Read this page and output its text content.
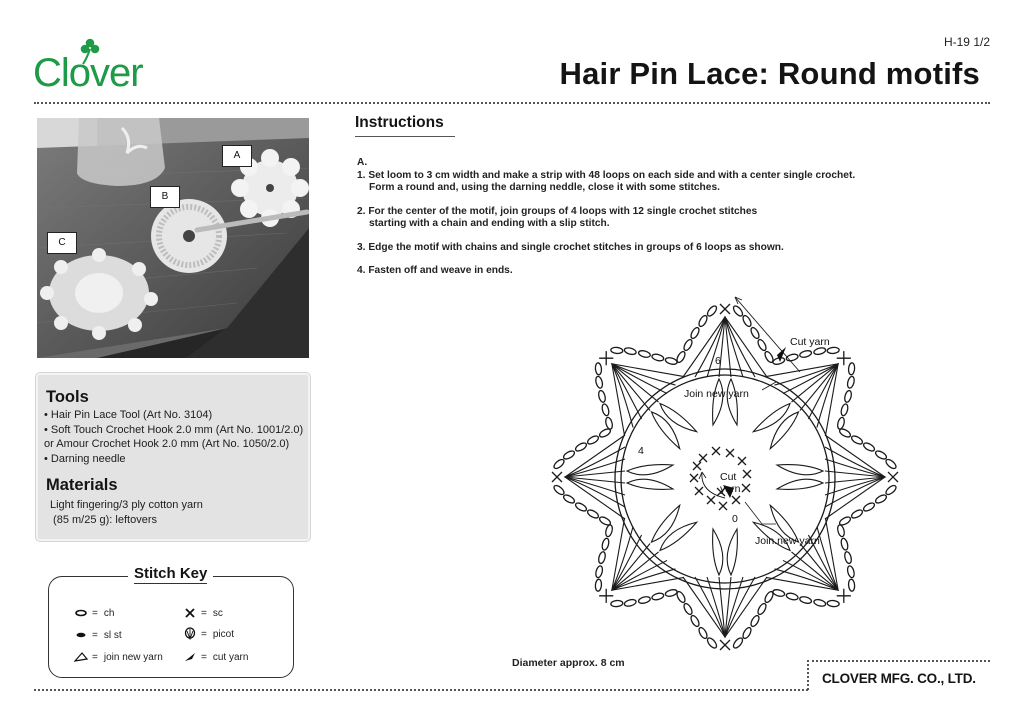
Clover
H-19 1/2
Hair Pin Lace: Round motifs
A
B
C
Tools
• Hair Pin Lace Tool (Art No. 3104)
• Soft Touch Crochet Hook 2.0 mm (Art No. 1001/2.0)
or Amour Crochet Hook 2.0 mm (Art No. 1050/2.0)
• Darning needle
Materials
Light fingering/3 ply cotton yarn
(85 m/25 g): leftovers
Stitch Key
= ch	= sc
= sl st	= picot
= join new yarn	= cut yarn
Instructions
A.
1. Set loom to 3 cm width and make a strip with 48 loops on each side and with a center single crochet.
Form a round and, using the darning neddle, close it with some stitches.
2. For the center of the motif, join groups of 4 loops with 12 single crochet stitches
starting with a chain and ending with a slip stitch.
3. Edge the motif with chains and single crochet stitches in groups of 6 loops as shown.
4. Fasten off and weave in ends.
Cut yarn
Join new yarn
6
4
Cut
yarn
0
Join.new yarn
Diameter approx. 8 cm
CLOVER MFG. CO., LTD.
